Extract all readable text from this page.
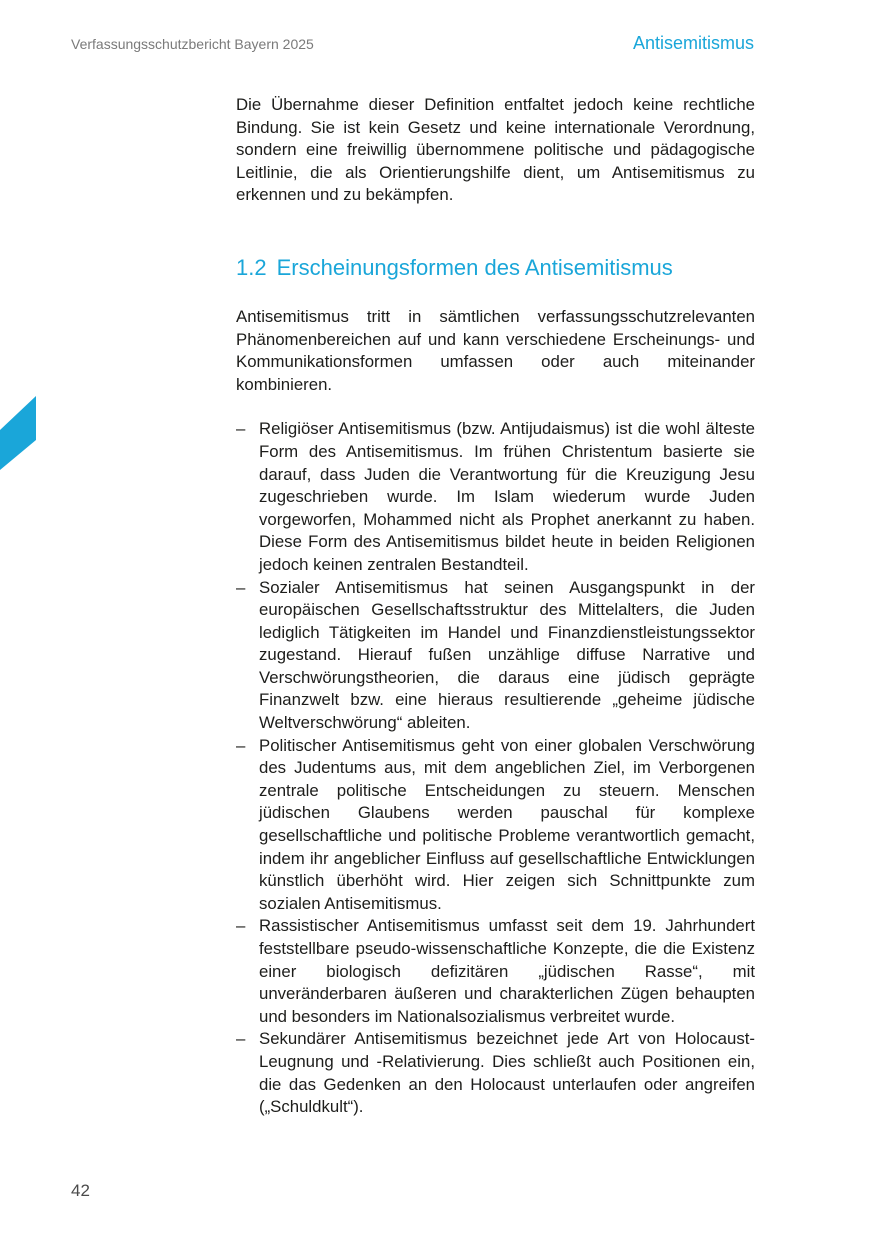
Verfassungsschutzbericht Bayern 2025	Antisemitismus

Die Übernahme dieser Definition entfaltet jedoch keine rechtliche Bindung. Sie ist kein Gesetz und keine internationale Verordnung, sondern eine freiwillig übernommene politische und pädagogische Leitlinie, die als Orientierungshilfe dient, um Antisemitismus zu erkennen und zu bekämpfen.

1.2 Erscheinungsformen des Antisemitismus

Antisemitismus tritt in sämtlichen verfassungsschutzrelevanten Phänomenbereichen auf und kann verschiedene Erscheinungs- und Kommunikationsformen umfassen oder auch miteinander kombinieren.

– Religiöser Antisemitismus (bzw. Antijudaismus) ist die wohl älteste Form des Antisemitismus. Im frühen Christentum basierte sie darauf, dass Juden die Verantwortung für die Kreuzigung Jesu zugeschrieben wurde. Im Islam wiederum wurde Juden vorgeworfen, Mohammed nicht als Prophet anerkannt zu haben. Diese Form des Antisemitismus bildet heute in beiden Religionen jedoch keinen zentralen Bestandteil.
– Sozialer Antisemitismus hat seinen Ausgangspunkt in der europäischen Gesellschaftsstruktur des Mittelalters, die Juden lediglich Tätigkeiten im Handel und Finanzdienstleistungssektor zugestand. Hierauf fußen unzählige diffuse Narrative und Verschwörungstheorien, die daraus eine jüdisch geprägte Finanzwelt bzw. eine hieraus resultierende „geheime jüdische Weltverschwörung“ ableiten.
– Politischer Antisemitismus geht von einer globalen Verschwörung des Judentums aus, mit dem angeblichen Ziel, im Verborgenen zentrale politische Entscheidungen zu steuern. Menschen jüdischen Glaubens werden pauschal für komplexe gesellschaftliche und politische Probleme verantwortlich gemacht, indem ihr angeblicher Einfluss auf gesellschaftliche Entwicklungen künstlich überhöht wird. Hier zeigen sich Schnittpunkte zum sozialen Antisemitismus.
– Rassistischer Antisemitismus umfasst seit dem 19. Jahrhundert feststellbare pseudo-wissenschaftliche Konzepte, die die Existenz einer biologisch defizitären „jüdischen Rasse“, mit unveränderbaren äußeren und charakterlichen Zügen behaupten und besonders im Nationalsozialismus verbreitet wurde.
– Sekundärer Antisemitismus bezeichnet jede Art von Holocaust-Leugnung und -Relativierung. Dies schließt auch Positionen ein, die das Gedenken an den Holocaust unterlaufen oder angreifen („Schuldkult“).
42
